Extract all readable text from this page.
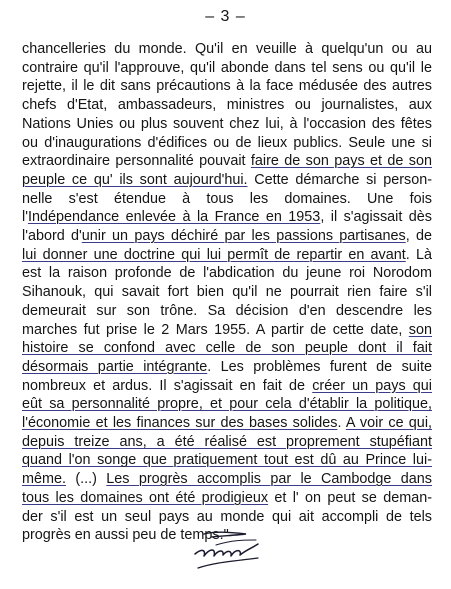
– 3 –
chancelleries du monde. Qu'il en veuille à quelqu'un ou au
contraire qu'il l'approuve, qu'il abonde dans tel sens ou qu'il le
rejette, il le dit sans précautions à la face médusée des autres
chefs d'Etat, ambassadeurs, ministres ou journalistes, aux
Nations Unies ou plus souvent chez lui, à l'occasion des fêtes
ou d'inaugurations d'édifices ou de lieux publics. Seule une si
extraordinaire personnalité pouvait faire de son pays et de son
peuple ce qu' ils sont aujourd'hui. Cette démarche si person-
nelle s'est étendue à tous les domaines. Une fois
l'Indépendance enlevée à la France en 1953, il s'agissait dès
l'abord d'unir un pays déchiré par les passions partisanes, de
lui donner une doctrine qui lui permît de repartir en avant. Là
est la raison profonde de l'abdication du jeune roi Norodom
Sihanouk, qui savait fort bien qu'il ne pourrait rien faire s'il
demeurait sur son trône. Sa décision d'en descendre les
marches fut prise le 2 Mars 1955. A partir de cette date, son
histoire se confond avec celle de son peuple dont il fait
désormais partie intégrante. Les problèmes furent de suite
nombreux et ardus. Il s'agissait en fait de créer un pays qui
eût sa personnalité propre, et pour cela d'établir la politique,
l'économie et les finances sur des bases solides. A voir ce qui,
depuis treize ans, a été réalisé est proprement stupéfiant
quand l'on songe que pratiquement tout est dû au Prince lui-
même. (...) Les progrès accomplis par le Cambodge dans
tous les domaines ont été prodigieux et l' on peut se deman-
der s'il est un seul pays au monde qui ait accompli de tels
progrès en aussi peu de temps."
